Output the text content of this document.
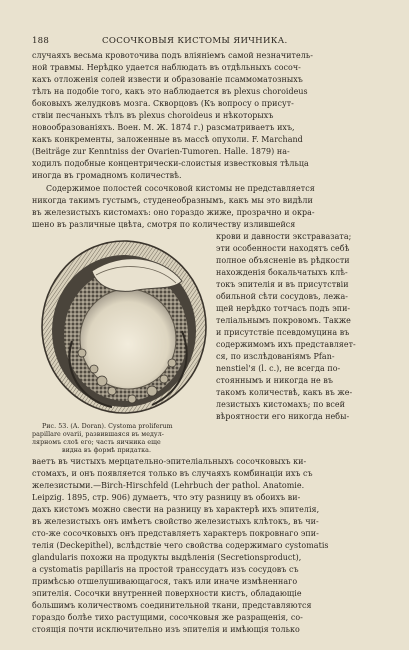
188	СОСОЧКОВЫЯ КИСТОМЫ ЯИЧНИКА.
случаяхъ весьма кровоточива подъ вліяніемъ самой незначитель-
ной травмы. Нерѣдко удается наблюдать въ отдѣльныхъ сосоч-
кахъ отложенія солей извести и образованіе псаммоматозныхъ
тѣлъ на подобіе того, какъ это наблюдается въ plexus choroideus
боковыхъ желудковъ мозга. Скворцовъ (Къ вопросу о присут-
ствіи песчаныхъ тѣлъ въ plexus choroideus и нѣкоторыхъ
новообразованіяхъ. Воен. М. Ж. 1874 г.) разсматриваетъ ихъ,
какъ конкременты, заложенные въ массѣ опухоли. F. Marchand
(Beiträge zur Kenntniss der Ovarien-Tumoren. Halle. 1879) на-
ходилъ подобные концентрически-слоистыя известковыя тѣльца
иногда въ громадномъ количествѣ.
Содержимое полостей сосочковой кистомы не представляется
никогда такимъ густымъ, студенеобразнымъ, какъ мы это видѣли
въ железистыхъ кистомахъ: оно гораздо жиже, прозрачно и окра-
шено въ различные цвѣта, смотря по количеству излившейся
Рис. 53. (A. Doran). Cystoma proliferum
papillare ovarii, развившаяся въ медул-
лярномъ слоѣ его; часть яичника еще
видна въ формѣ придатка.
крови и давности экстравазата;
эти особенности находятъ себѣ
полное объясненіе въ рѣдкости
нахожденія бокальчатыхъ клѣ-
токъ эпителія и въ присутствіи
обильной сѣти сосудовъ, лежа-
щей нерѣдко тотчасъ подъ эпи-
теліальнымъ покровомъ. Также
и присутствіе псевдомуцина въ
содержимомъ ихъ представляет-
ся, по изслѣдованіямъ Pfan-
nenstiel'я (l. c.), не всегда по-
стояннымъ и никогда не въ
такомъ количествѣ, какъ въ же-
лезистыхъ кистомахъ; по всей
вѣроятности его никогда небы-
ваетъ въ чистыхъ мерцательно-эпителіальныхъ сосочковыхъ ки-
стомахъ, и онъ появляется только въ случаяхъ комбинаціи ихъ съ
железистыми.—Birch-Hirschfeld (Lehrbuch der pathol. Anatomie.
Leipzig. 1895, стр. 906) думаетъ, что эту разницу въ обоихъ ви-
дахъ кистомъ можно свести на разницу въ характерѣ ихъ эпителія,
въ железистыхъ онъ имѣетъ свойство железистыхъ клѣтокъ, въ чи-
сто-же сосочковыхъ онъ представляетъ характеръ покровнаго эпи-
телія (Deckepithel), вслѣдствіе чего свойства содержимаго cystomatis
glandularis похожи на продукты выдѣленія (Secretionsproduct),
а cystomatis papillaris на простой транссудатъ изъ сосудовъ съ
примѣсью отшелушивающагося, такъ или иначе измѣненнаго
эпителія. Сосочки внутренней поверхности кистъ, обладающіе
большимъ количествомъ соединительной ткани, представляются
гораздо болѣе тихо растущими, сосочковыя же разращенія, со-
стоящія почти исключительно изъ эпителія и имѣющія только
